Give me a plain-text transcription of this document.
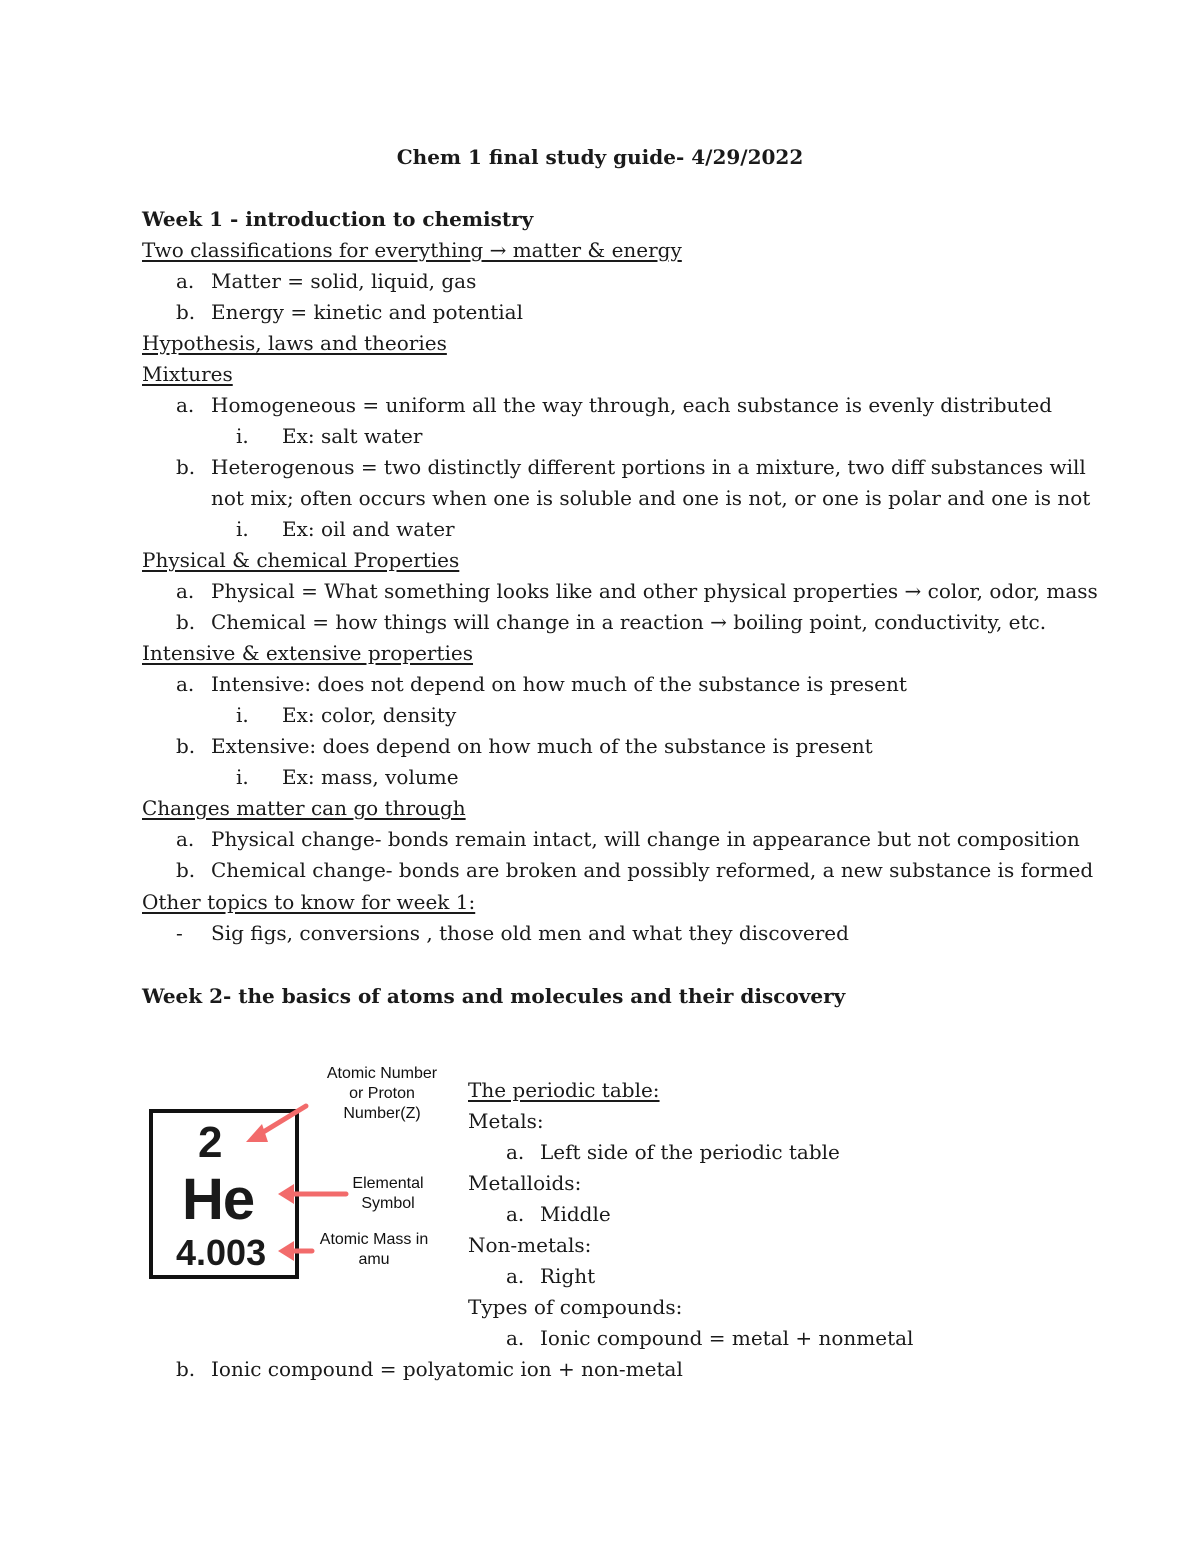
Chem 1 final study guide- 4/29/2022
Week 1 - introduction to chemistry
Two classifications for everything → matter & energy
a. Matter = solid, liquid, gas
b. Energy = kinetic and potential
Hypothesis, laws and theories
Mixtures
a. Homogeneous = uniform all the way through, each substance is evenly distributed
i.	Ex: salt water
b. Heterogenous = two distinctly different portions in a mixture, two diff substances will
not mix; often occurs when one is soluble and one is not, or one is polar and one is not
i.	Ex: oil and water
Physical & chemical Properties
a. Physical = What something looks like and other physical properties → color, odor, mass
b. Chemical = how things will change in a reaction → boiling point, conductivity, etc.
Intensive & extensive properties
a. Intensive: does not depend on how much of the substance is present
i.	Ex: color, density
b. Extensive: does depend on how much of the substance is present
i.	Ex: mass, volume
Changes matter can go through
a. Physical change- bonds remain intact, will change in appearance but not composition
b. Chemical change- bonds are broken and possibly reformed, a new substance is formed
Other topics to know for week 1:
-	Sig figs, conversions , those old men and what they discovered
Week 2- the basics of atoms and molecules and their discovery
2
He
4.003
Atomic Number
or Proton
Number(Z)
Elemental
Symbol
Atomic Mass in
amu
The periodic table:
Metals:
a. Left side of the periodic table
Metalloids:
a. Middle
Non-metals:
a. Right
Types of compounds:
a. Ionic compound = metal + nonmetal
b. Ionic compound = polyatomic ion + non-metal
